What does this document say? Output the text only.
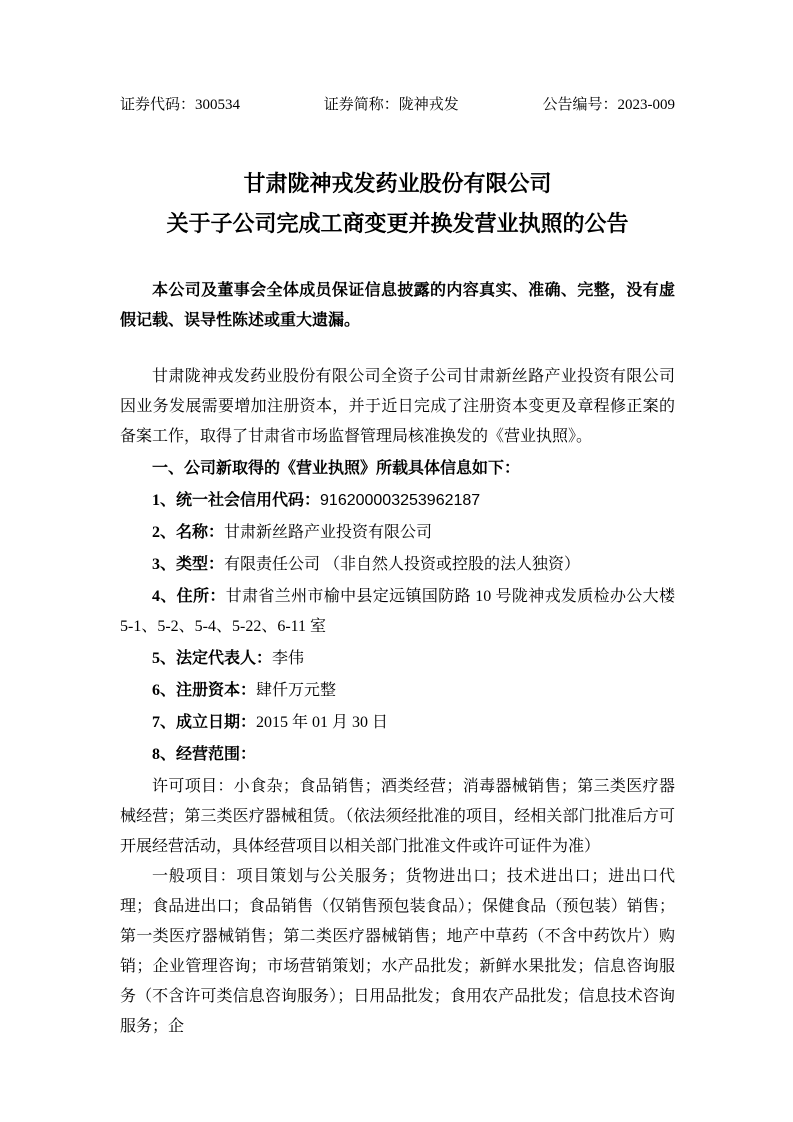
证券代码：300534	证券简称：陇神戎发	公告编号：2023-009
甘肃陇神戎发药业股份有限公司
关于子公司完成工商变更并换发营业执照的公告

本公司及董事会全体成员保证信息披露的内容真实、准确、完整，没有虚假记载、误导性陈述或重大遗漏。

甘肃陇神戎发药业股份有限公司全资子公司甘肃新丝路产业投资有限公司因业务发展需要增加注册资本，并于近日完成了注册资本变更及章程修正案的备案工作，取得了甘肃省市场监督管理局核准换发的《营业执照》。

一、公司新取得的《营业执照》所载具体信息如下：

1、统一社会信用代码：916200003253962187

2、名称：甘肃新丝路产业投资有限公司

3、类型：有限责任公司 （非自然人投资或控股的法人独资）

4、住所：甘肃省兰州市榆中县定远镇国防路 10 号陇神戎发质检办公大楼5-1、5-2、5-4、5-22、6-11 室

5、法定代表人：李伟

6、注册资本：肆仟万元整

7、成立日期：2015 年 01 月 30 日

8、经营范围：

许可项目：小食杂；食品销售；酒类经营；消毒器械销售；第三类医疗器械经营；第三类医疗器械租赁。（依法须经批准的项目，经相关部门批准后方可开展经营活动，具体经营项目以相关部门批准文件或许可证件为准）

一般项目：项目策划与公关服务；货物进出口；技术进出口；进出口代理；食品进出口；食品销售（仅销售预包装食品）；保健食品（预包装）销售；第一类医疗器械销售；第二类医疗器械销售；地产中草药（不含中药饮片）购销；企业管理咨询；市场营销策划；水产品批发；新鲜水果批发；信息咨询服务（不含许可类信息咨询服务）；日用品批发；食用农产品批发；信息技术咨询服务；企
